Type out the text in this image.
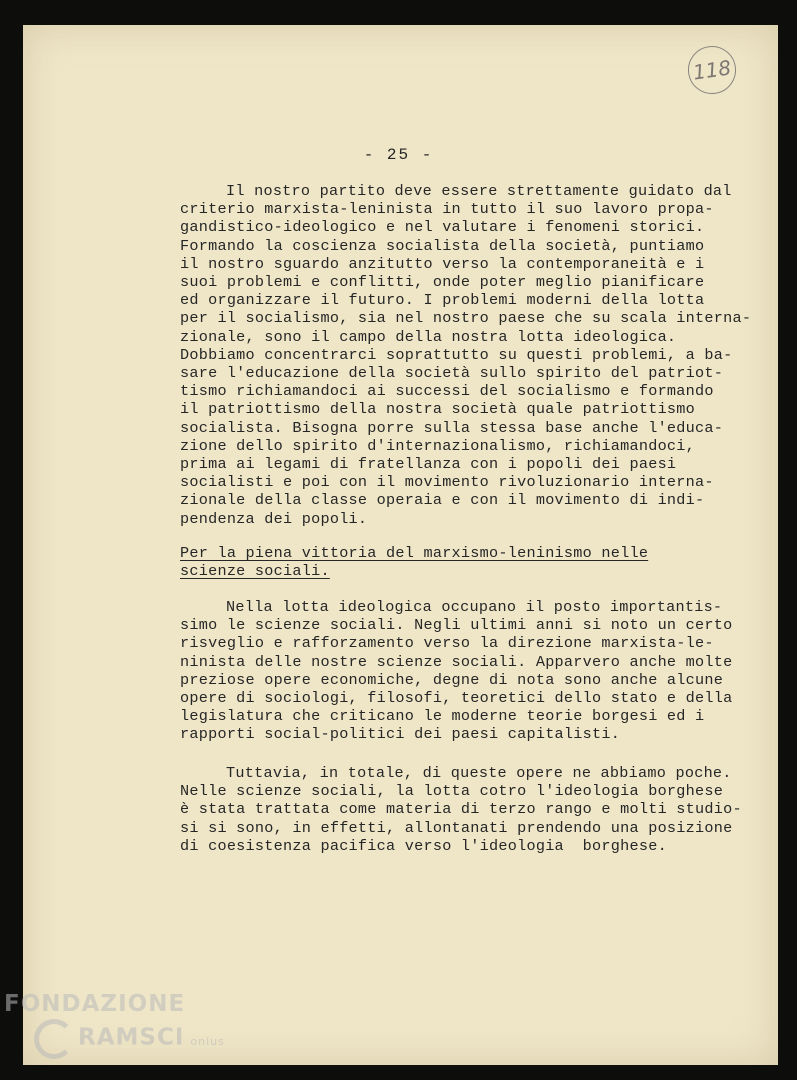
118
- 25 -

Il nostro partito deve essere strettamente guidato dal
criterio marxista-leninista in tutto il suo lavoro propa-
gandistico-ideologico e nel valutare i fenomeni storici.
Formando la coscienza socialista della società, puntiamo
il nostro sguardo anzitutto verso la contemporaneità e i
suoi problemi e conflitti, onde poter meglio pianificare
ed organizzare il futuro. I problemi moderni della lotta
per il socialismo, sia nel nostro paese che su scala interna-
zionale, sono il campo della nostra lotta ideologica.
Dobbiamo concentrarci soprattutto su questi problemi, a ba-
sare l'educazione della società sullo spirito del patriot-
tismo richiamandoci ai successi del socialismo e formando
il patriottismo della nostra società quale patriottismo
socialista. Bisogna porre sulla stessa base anche l'educa-
zione dello spirito d'internazionalismo, richiamandoci,
prima ai legami di fratellanza con i popoli dei paesi
socialisti e poi con il movimento rivoluzionario interna-
zionale della classe operaia e con il movimento di indi-
pendenza dei popoli.

Per la piena vittoria del marxismo-leninismo nelle
scienze sociali.

Nella lotta ideologica occupano il posto importantis-
simo le scienze sociali. Negli ultimi anni si noto un certo
risveglio e rafforzamento verso la direzione marxista-le-
ninista delle nostre scienze sociali. Apparvero anche molte
preziose opere economiche, degne di nota sono anche alcune
opere di sociologi, filosofi, teoretici dello stato e della
legislatura che criticano le moderne teorie borgesi ed i
rapporti social-politici dei paesi capitalisti.

Tuttavia, in totale, di queste opere ne abbiamo poche.
Nelle scienze sociali, la lotta cotro l'ideologia borghese
è stata trattata come materia di terzo rango e molti studio-
si si sono, in effetti, allontanati prendendo una posizione
di coesistenza pacifica verso l'ideologia  borghese.

FONDAZIONE
RAMSCI onlus
